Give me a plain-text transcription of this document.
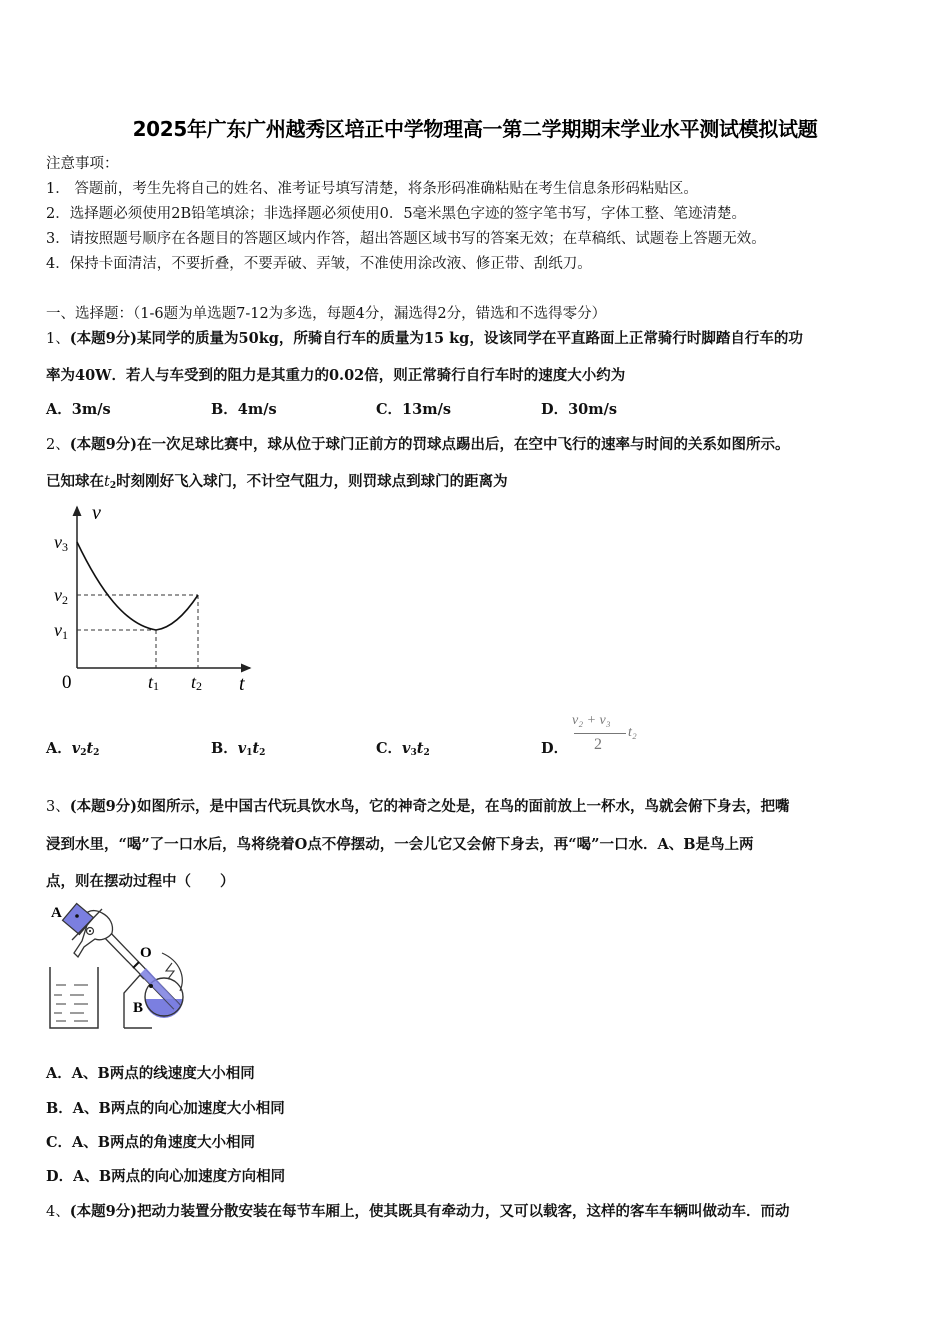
2025年广东广州越秀区培正中学物理高一第二学期期末学业水平测试模拟试题
注意事项：
1． 答题前，考生先将自己的姓名、准考证号填写清楚，将条形码准确粘贴在考生信息条形码粘贴区。
2．选择题必须使用2B铅笔填涂；非选择题必须使用0．5毫米黑色字迹的签字笔书写，字体工整、笔迹清楚。
3．请按照题号顺序在各题目的答题区域内作答，超出答题区域书写的答案无效；在草稿纸、试题卷上答题无效。
4．保持卡面清洁，不要折叠，不要弄破、弄皱，不准使用涂改液、修正带、刮纸刀。
一、选择题：（1-6题为单选题7-12为多选，每题4分，漏选得2分，错选和不选得零分）
1、(本题9分)某同学的质量为50kg，所骑自行车的质量为15 kg，设该同学在平直路面上正常骑行时脚踏自行车的功
率为40W．若人与车受到的阻力是其重力的0.02倍，则正常骑行自行车时的速度大小约为
A．3m/s	B．4m/s	C．13m/s	D．30m/s
2、(本题9分)在一次足球比赛中，球从位于球门正前方的罚球点踢出后，在空中飞行的速率与时间的关系如图所示。
已知球在$t_2$时刻刚好飞入球门，不计空气阻力，则罚球点到球门的距离为
v
v3
v2
v1
0	t1 t2 t
A．$v_2t_2$	B．$v_1t_2$	C．$v_3t_2$	D．
v₂ + v₃
2
t₂
3、(本题9分)如图所示，是中国古代玩具饮水鸟，它的神奇之处是，在鸟的面前放上一杯水，鸟就会俯下身去，把嘴
浸到水里，“喝”了一口水后，鸟将绕着O点不停摆动，一会儿它又会俯下身去，再“喝”一口水．A、B是鸟上两
点，则在摆动过程中（　　）
A
O
B
A．A、B两点的线速度大小相同
B．A、B两点的向心加速度大小相同
C．A、B两点的角速度大小相同
D．A、B两点的向心加速度方向相同
4、(本题9分)把动力装置分散安装在每节车厢上，使其既具有牵动力，又可以载客，这样的客车车辆叫做动车．而动
